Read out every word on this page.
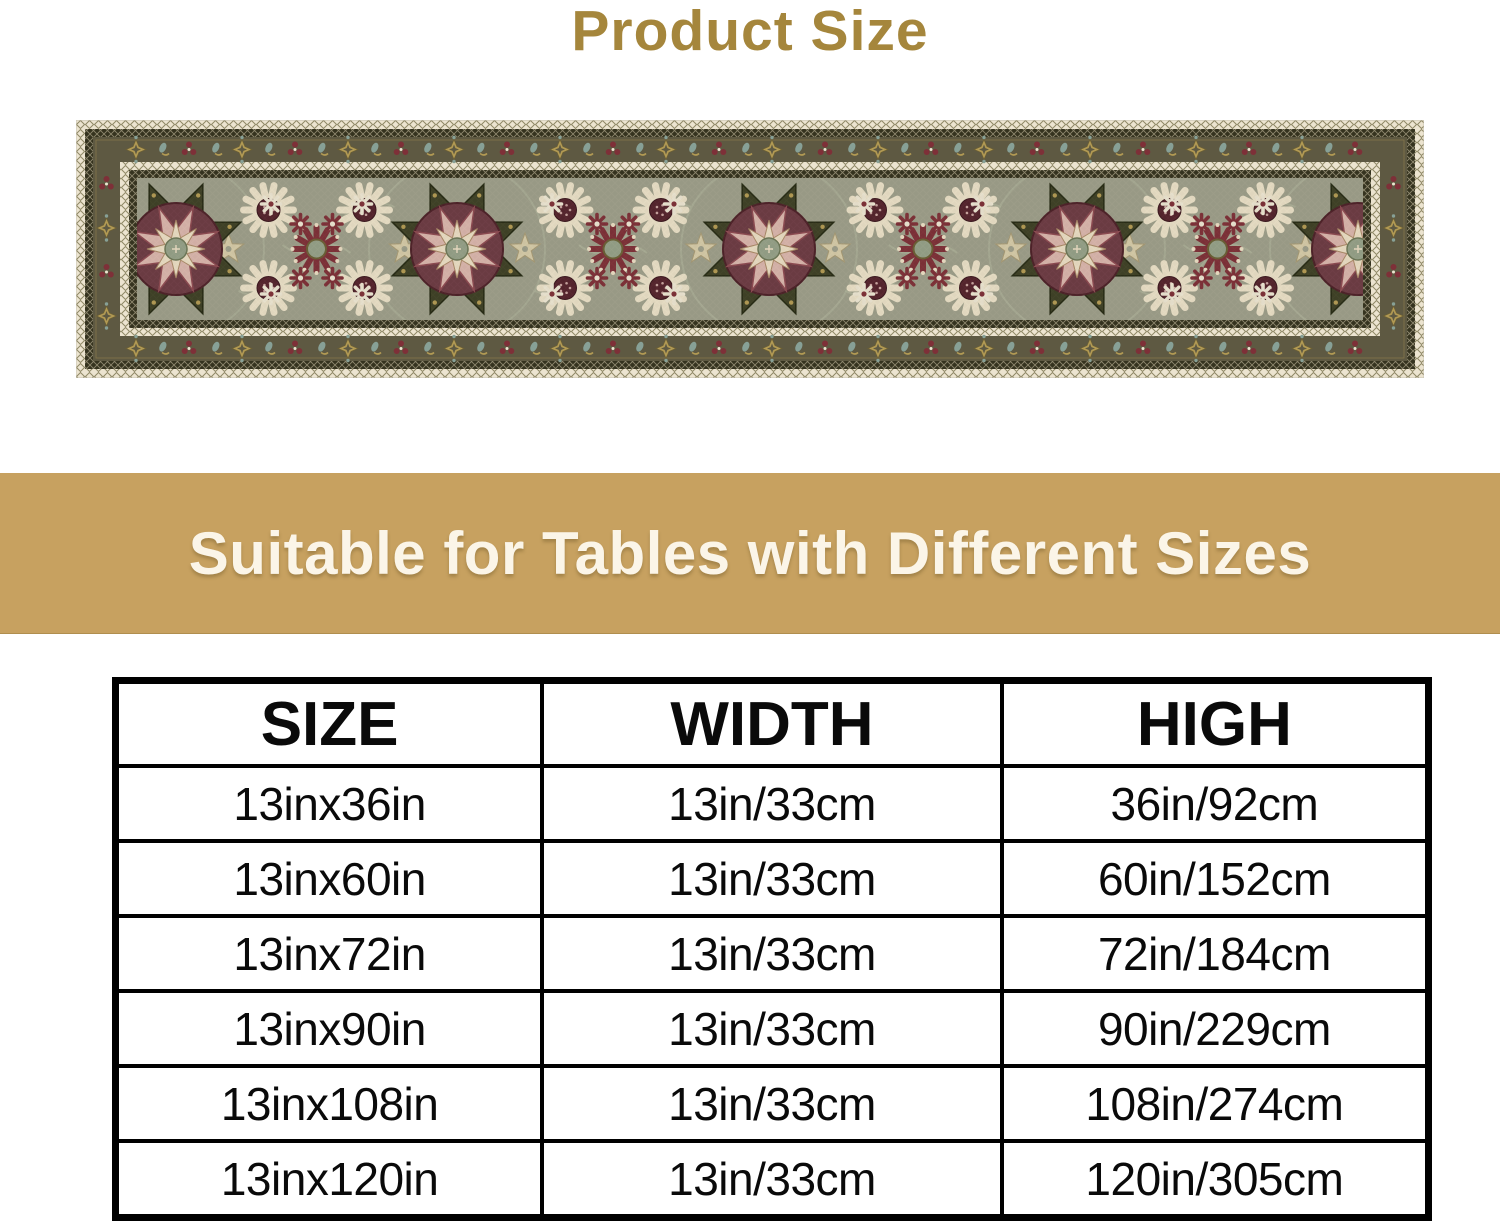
Product Size
Suitable for Tables with Different Sizes
SIZE	WIDTH	HIGH
13inx36in	13in/33cm	36in/92cm
13inx60in	13in/33cm	60in/152cm
13inx72in	13in/33cm	72in/184cm
13inx90in	13in/33cm	90in/229cm
13inx108in	13in/33cm	108in/274cm
13inx120in	13in/33cm	120in/305cm
